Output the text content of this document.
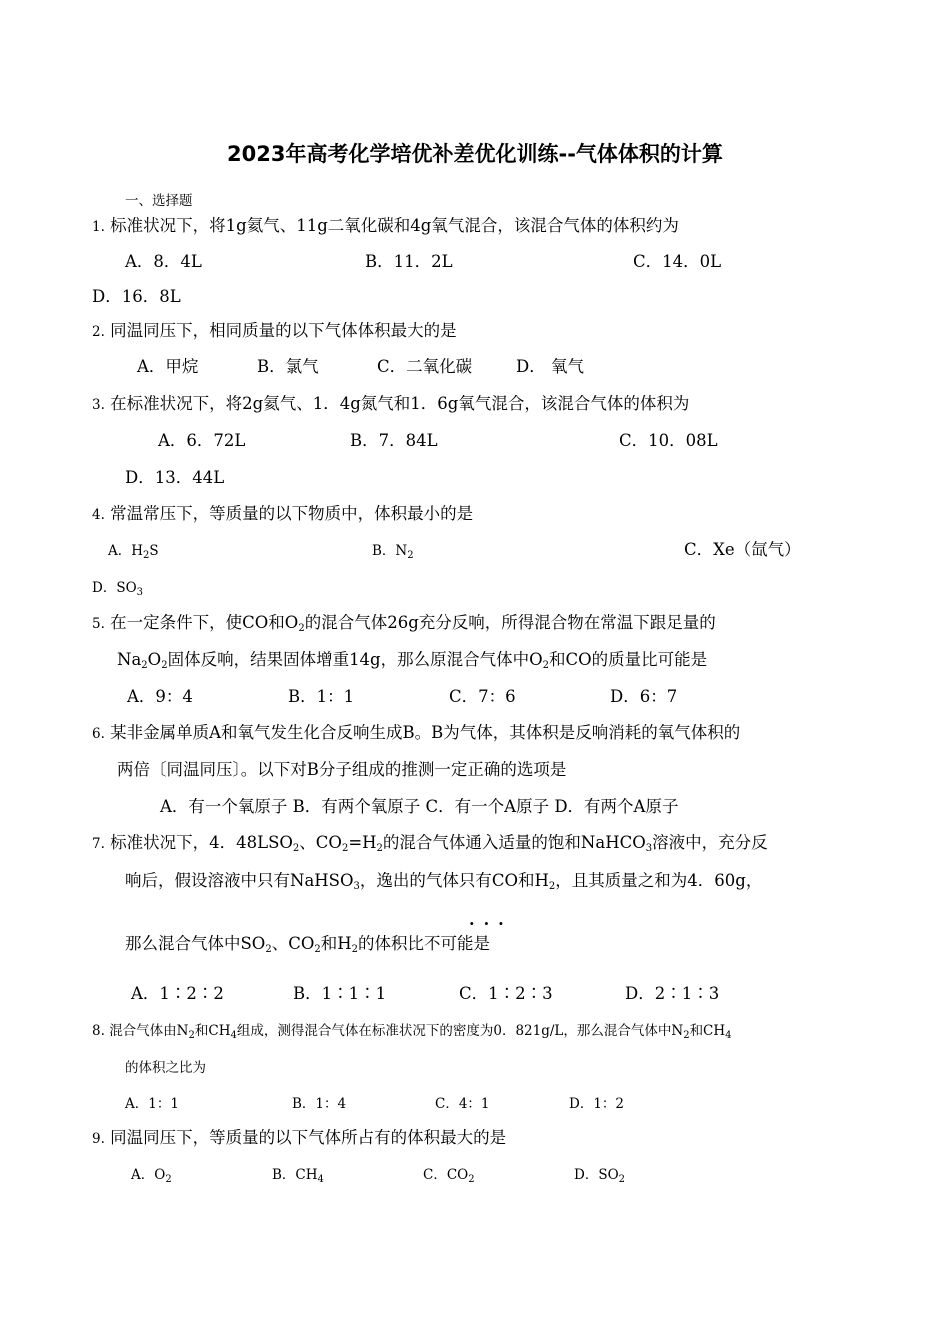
2023年高考化学培优补差优化训练--气体体积的计算
一、选择题
1. 标准状况下，将1g氦气、11g二氧化碳和4g氧气混合，该混合气体的体积约为
A．8．4L	B．11．2L	C．14．0L
D．16．8L
2. 同温同压下，相同质量的以下气体体积最大的是
A．甲烷	B．氯气	C．二氧化碳	D． 氧气
3. 在标准状况下，将2g氦气、1．4g氮气和1．6g氧气混合，该混合气体的体积为
A．6．72L	B．7．84L	C．10．08L
D．13．44L
4. 常温常压下，等质量的以下物质中，体积最小的是
A．$H_2S$	B．$N_2$	C．Xe（氙气）
D．$SO_3$
5. 在一定条件下，使CO和$O_2$的混合气体26g充分反响，所得混合物在常温下跟足量的
$Na_2O_2$固体反响，结果固体增重14g，那么原混合气体中$O_2$和CO的质量比可能是
A．9：4	B．1：1	C．7：6	D．6：7
6. 某非金属单质A和氧气发生化合反响生成B。B为气体，其体积是反响消耗的氧气体积的
两倍〔同温同压〕。以下对B分子组成的推测一定正确的选项是
A．有一个氧原子 B．有两个氧原子 C．有一个A原子 D．有两个A原子
7. 标准状况下，4．$48LSO_2$、$CO_2=H_2$的混合气体通入适量的饱和NaHCO$_3$溶液中，充分反
响后，假设溶液中只有NaHSO$_3$，逸出的气体只有CO和$H_2$，且其质量之和为4．60g，
...
那么混合气体中$SO_2$、$CO_2$和$H_2$的体积比不可能是
A．1∶2∶2	B．1∶1∶1	C．1∶2∶3	D．2∶1∶3
8. 混合气体由$N_2$和$CH_4$组成，测得混合气体在标准状况下的密度为0．821g/L，那么混合气体中$N_2$和$CH_4$
的体积之比为
A．1：1	B．1：4	C．4：1	D．1：2
9. 同温同压下，等质量的以下气体所占有的体积最大的是
A．$O_2$	B．$CH_4$	C．$CO_2$	D．$SO_2$
